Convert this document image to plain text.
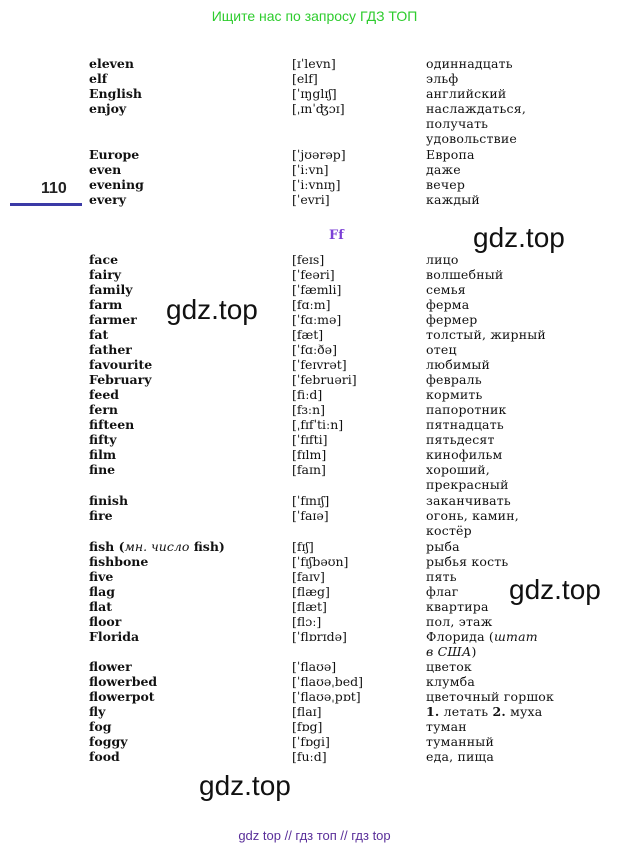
Ищите нас по запросу ГДЗ ТОП
110
Ff
eleven	[ɪˈlevn]	одиннадцать
elf	[elf]	эльф
English	[ˈɪŋglɪʃ]	английский
enjoy	[ˌɪnˈʤɔɪ]	наслаждаться,
получать
удовольствие
Europe	[ˈjʊərəp]	Европа
even	[ˈiːvn]	даже
evening	[ˈiːvnɪŋ]	вечер
every	[ˈevri]	каждый
face	[feɪs]	лицо
fairy	[ˈfeəri]	волшебный
family	[ˈfæmli]	семья
farm	[fɑːm]	ферма
farmer	[ˈfɑːmə]	фермер
fat	[fæt]	толстый, жирный
father	[ˈfɑːðə]	отец
favourite	[ˈfeɪvrət]	любимый
February	[ˈfebruəri]	февраль
feed	[fiːd]	кормить
fern	[fɜːn]	папоротник
fifteen	[ˌfɪfˈtiːn]	пятнадцать
fifty	[ˈfɪfti]	пятьдесят
film	[fɪlm]	кинофильм
fine	[faɪn]	хороший,
прекрасный
finish	[ˈfɪnɪʃ]	заканчивать
fire	[ˈfaɪə]	огонь, камин,
костёр
fish (мн. число fish)	[fɪʃ]	рыба
fishbone	[ˈfɪʃbəʊn]	рыбья кость
five	[faɪv]	пять
flag	[flæg]	флаг
flat	[flæt]	квартира
floor	[flɔː]	пол, этаж
Florida	[ˈflɒrɪdə]	Флорида (штат
в США)
flower	[ˈflaʊə]	цветок
flowerbed	[ˈflaʊəˌbed]	клумба
flowerpot	[ˈflaʊəˌpɒt]	цветочный горшок
fly	[flaɪ]	1. летать 2. муха
fog	[fɒg]	туман
foggy	[ˈfɒgi]	туманный
food	[fuːd]	еда, пища
gdz.top
gdz.top
gdz.top
gdz.top
gdz top // гдз топ // гдз top
